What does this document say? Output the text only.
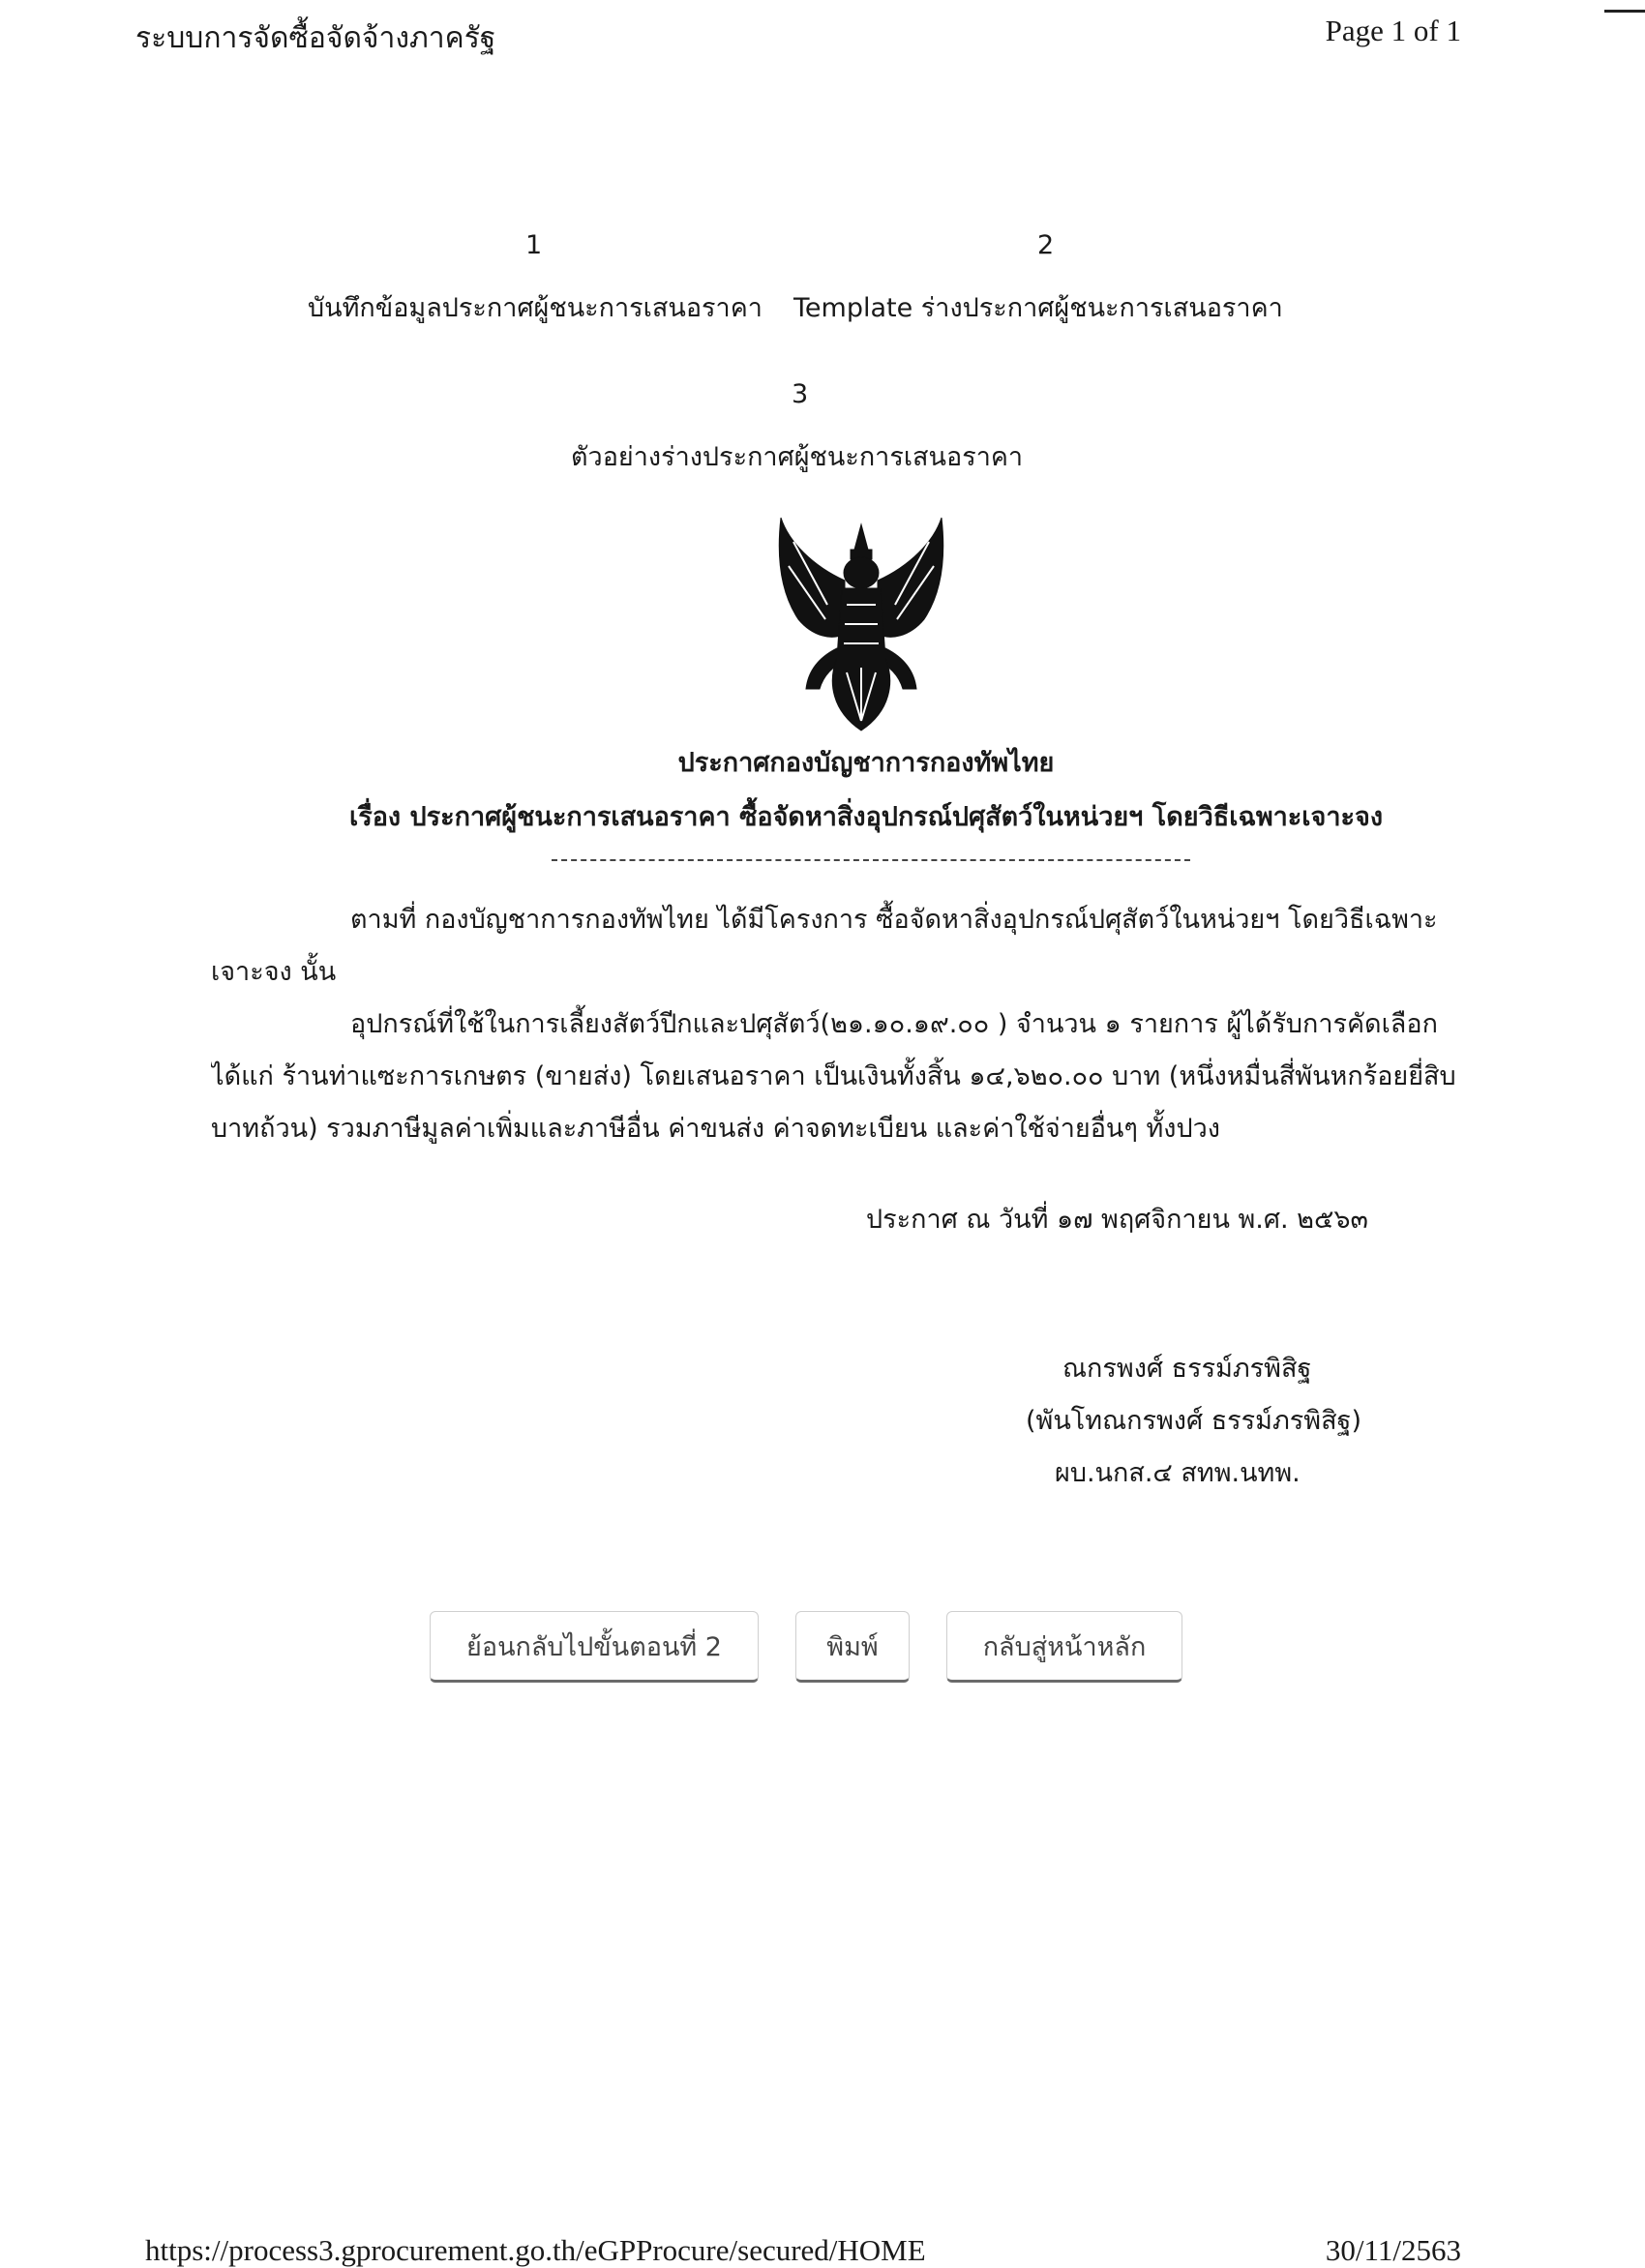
ระบบการจัดซื้อจัดจ้างภาครัฐ	Page 1 of 1
1	2
บันทึกข้อมูลประกาศผู้ชนะการเสนอราคา Template ร่างประกาศผู้ชนะการเสนอราคา
3
ตัวอย่างร่างประกาศผู้ชนะการเสนอราคา
ประกาศกองบัญชาการกองทัพไทย
เรื่อง ประกาศผู้ชนะการเสนอราคา ซื้อจัดหาสิ่งอุปกรณ์ปศุสัตว์ในหน่วยฯ โดยวิธีเฉพาะเจาะจง
ตามที่ กองบัญชาการกองทัพไทย ได้มีโครงการ ซื้อจัดหาสิ่งอุปกรณ์ปศุสัตว์ในหน่วยฯ โดยวิธีเฉพาะ
เจาะจง นั้น
อุปกรณ์ที่ใช้ในการเลี้ยงสัตว์ปีกและปศุสัตว์(๒๑.๑๐.๑๙.๐๐ ) จำนวน ๑ รายการ ผู้ได้รับการคัดเลือก
ได้แก่ ร้านท่าแซะการเกษตร (ขายส่ง) โดยเสนอราคา เป็นเงินทั้งสิ้น ๑๔,๖๒๐.๐๐ บาท (หนึ่งหมื่นสี่พันหกร้อยยี่สิบ
บาทถ้วน) รวมภาษีมูลค่าเพิ่มและภาษีอื่น ค่าขนส่ง ค่าจดทะเบียน และค่าใช้จ่ายอื่นๆ ทั้งปวง
ประกาศ ณ วันที่ ๑๗ พฤศจิกายน พ.ศ. ๒๕๖๓
ณกรพงศ์ ธรรม์ภรพิสิฐ
(พันโทณกรพงศ์ ธรรม์ภรพิสิฐ)
ผบ.นกส.๔ สทพ.นทพ.
ย้อนกลับไปขั้นตอนที่ 2	พิมพ์	กลับสู่หน้าหลัก
https://process3.gprocurement.go.th/eGPProcure/secured/HOME	30/11/2563
